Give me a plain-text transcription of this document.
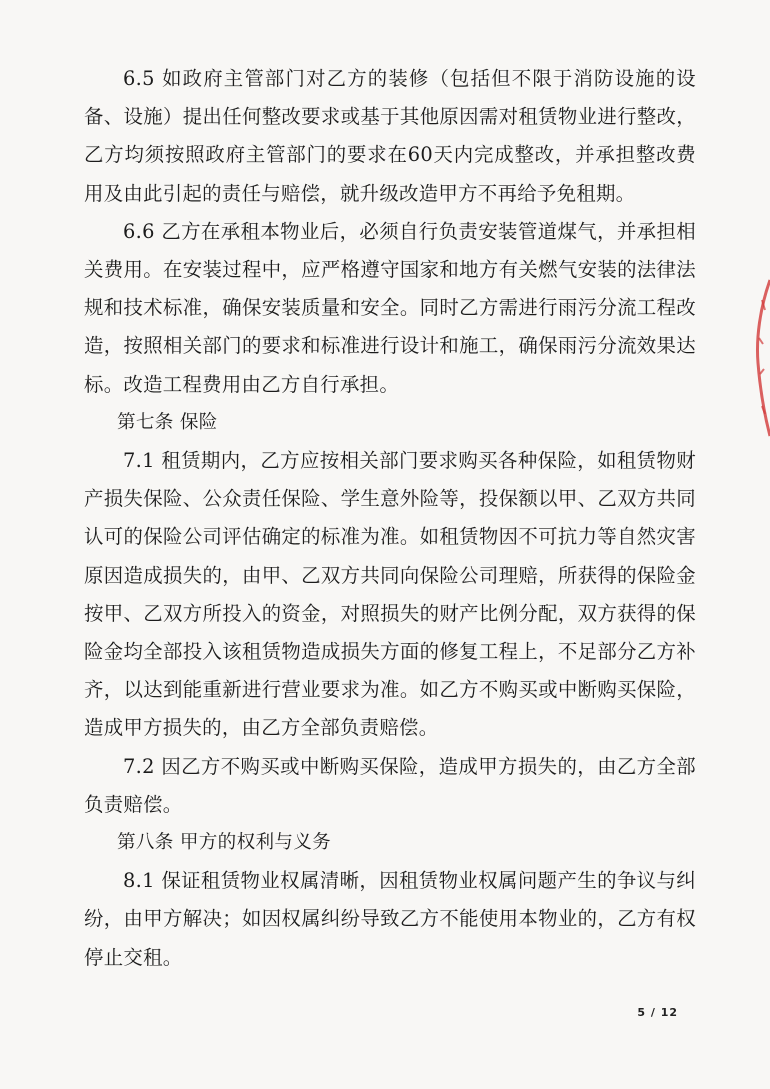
6.5 如政府主管部门对乙方的装修（包括但不限于消防设施的设备、设施）提出任何整改要求或基于其他原因需对租赁物业进行整改，乙方均须按照政府主管部门的要求在60天内完成整改，并承担整改费用及由此引起的责任与赔偿，就升级改造甲方不再给予免租期。

6.6 乙方在承租本物业后，必须自行负责安装管道煤气，并承担相关费用。在安装过程中，应严格遵守国家和地方有关燃气安装的法律法规和技术标准，确保安装质量和安全。同时乙方需进行雨污分流工程改造，按照相关部门的要求和标准进行设计和施工，确保雨污分流效果达标。改造工程费用由乙方自行承担。

第七条 保险

7.1 租赁期内，乙方应按相关部门要求购买各种保险，如租赁物财产损失保险、公众责任保险、学生意外险等，投保额以甲、乙双方共同认可的保险公司评估确定的标准为准。如租赁物因不可抗力等自然灾害原因造成损失的，由甲、乙双方共同向保险公司理赔，所获得的保险金按甲、乙双方所投入的资金，对照损失的财产比例分配，双方获得的保险金均全部投入该租赁物造成损失方面的修复工程上，不足部分乙方补齐，以达到能重新进行营业要求为准。如乙方不购买或中断购买保险，造成甲方损失的，由乙方全部负责赔偿。

7.2 因乙方不购买或中断购买保险，造成甲方损失的，由乙方全部负责赔偿。

第八条 甲方的权利与义务

8.1 保证租赁物业权属清晰，因租赁物业权属问题产生的争议与纠纷，由甲方解决；如因权属纠纷导致乙方不能使用本物业的，乙方有权停止交租。

5 / 12
